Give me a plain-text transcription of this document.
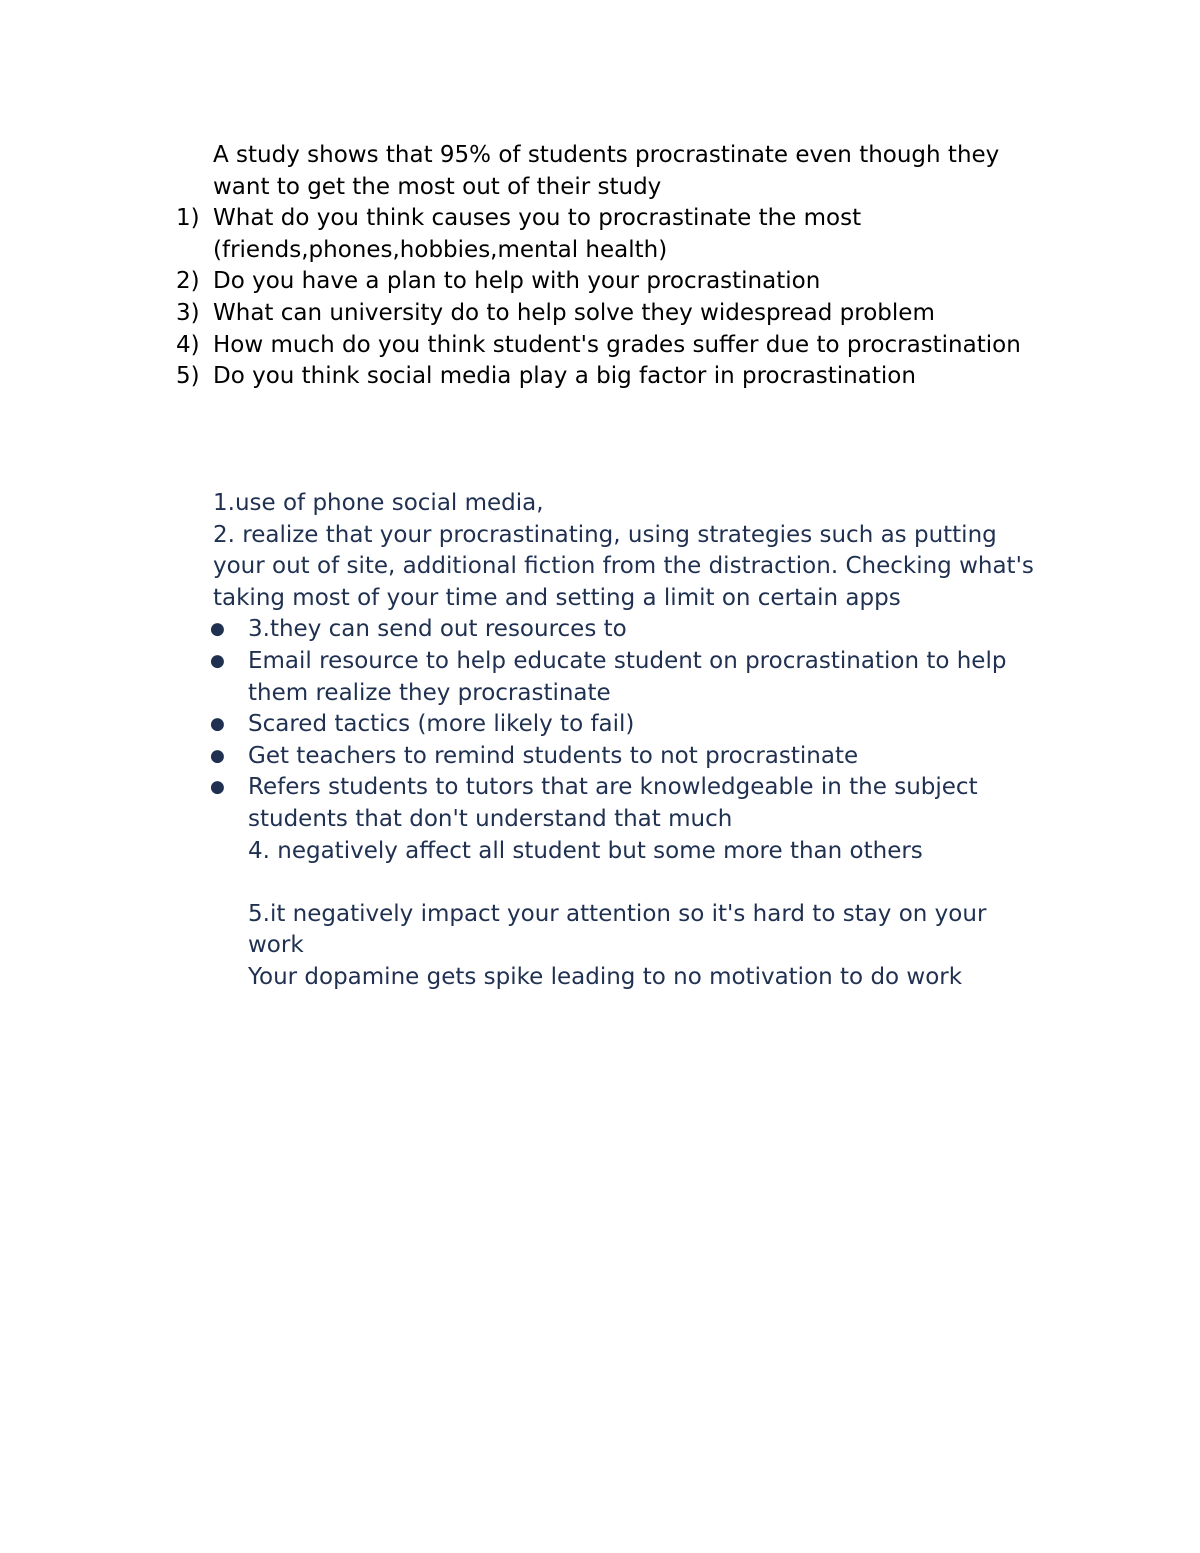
A study shows that 95% of students procrastinate even though they
want to get the most out of their study
1) What do you think causes you to procrastinate the most
(friends,phones,hobbies,mental health)
2) Do you have a plan to help with your procrastination
3) What can university do to help solve they widespread problem
4) How much do you think student's grades suffer due to procrastination
5) Do you think social media play a big factor in procrastination
1.use of phone social media,
2. realize that your procrastinating, using strategies such as putting
your out of site, additional fiction from the distraction. Checking what's
taking most of your time and setting a limit on certain apps
● 3.they can send out resources to
● Email resource to help educate student on procrastination to help
them realize they procrastinate
● Scared tactics (more likely to fail)
● Get teachers to remind students to not procrastinate
● Refers students to tutors that are knowledgeable in the subject
students that don't understand that much
4. negatively affect all student but some more than others
5.it negatively impact your attention so it's hard to stay on your
work
Your dopamine gets spike leading to no motivation to do work
